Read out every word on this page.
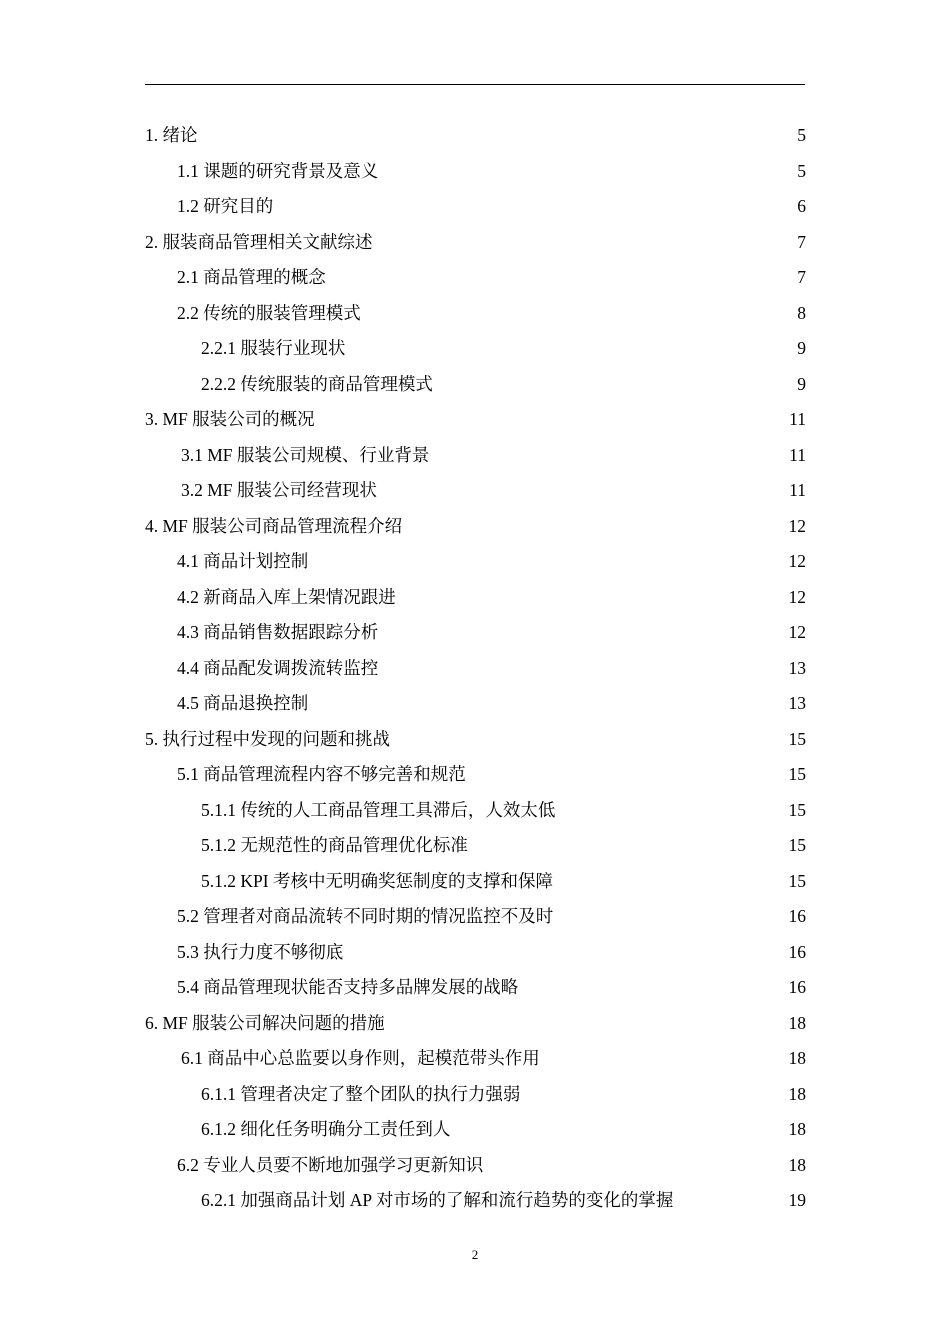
1. 绪论	5
1.1 课题的研究背景及意义	5
1.2 研究目的	6
2. 服装商品管理相关文献综述	7
2.1 商品管理的概念	7
2.2 传统的服装管理模式	8
2.2.1 服装行业现状	9
2.2.2 传统服装的商品管理模式	9
3. MF 服装公司的概况	11
3.1 MF 服装公司规模、行业背景	11
3.2 MF 服装公司经营现状	11
4. MF 服装公司商品管理流程介绍	12
4.1 商品计划控制	12
4.2 新商品入库上架情况跟进	12
4.3 商品销售数据跟踪分析	12
4.4 商品配发调拨流转监控	13
4.5 商品退换控制	13
5. 执行过程中发现的问题和挑战	15
5.1 商品管理流程内容不够完善和规范	15
5.1.1 传统的人工商品管理工具滞后，人效太低	15
5.1.2 无规范性的商品管理优化标准	15
5.1.2 KPI 考核中无明确奖惩制度的支撑和保障	15
5.2 管理者对商品流转不同时期的情况监控不及时	16
5.3 执行力度不够彻底	16
5.4 商品管理现状能否支持多品牌发展的战略	16
6. MF 服装公司解决问题的措施	18
6.1 商品中心总监要以身作则，起模范带头作用	18
6.1.1 管理者决定了整个团队的执行力强弱	18
6.1.2 细化任务明确分工责任到人	18
6.2 专业人员要不断地加强学习更新知识	18
6.2.1 加强商品计划 AP 对市场的了解和流行趋势的变化的掌握	19
2
